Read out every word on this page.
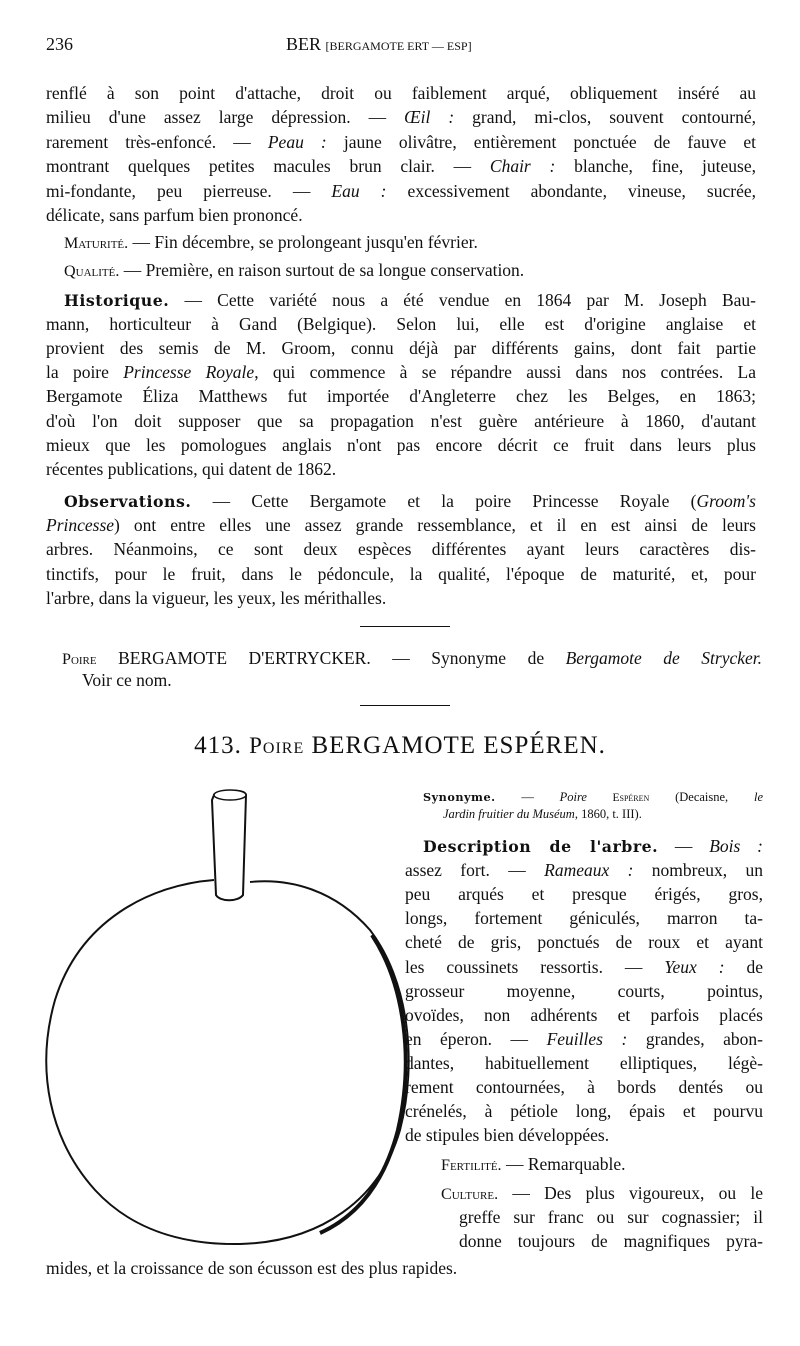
236	BER [BERGAMOTE ERT — ESP]
413. Poire BERGAMOTE ESPÉREN.
renflé à son point d'attache, droit ou faiblement arqué, obliquement inséré au
milieu d'une assez large dépression. — Œil : grand, mi-clos, souvent contourné,
rarement très-enfoncé. — Peau : jaune olivâtre, entièrement ponctuée de fauve et
montrant quelques petites macules brun clair. — Chair : blanche, fine, juteuse,
mi-fondante, peu pierreuse. — Eau : excessivement abondante, vineuse, sucrée,
délicate, sans parfum bien prononcé.
Maturité. — Fin décembre, se prolongeant jusqu'en février.
Qualité. — Première, en raison surtout de sa longue conservation.
Historique. — Cette variété nous a été vendue en 1864 par M. Joseph Bau-
mann, horticulteur à Gand (Belgique). Selon lui, elle est d'origine anglaise et
provient des semis de M. Groom, connu déjà par différents gains, dont fait partie
la poire Princesse Royale, qui commence à se répandre aussi dans nos contrées. La
Bergamote Éliza Matthews fut importée d'Angleterre chez les Belges, en 1863;
d'où l'on doit supposer que sa propagation n'est guère antérieure à 1860, d'autant
mieux que les pomologues anglais n'ont pas encore décrit ce fruit dans leurs plus
récentes publications, qui datent de 1862.
Observations. — Cette Bergamote et la poire Princesse Royale (Groom's
Princesse) ont entre elles une assez grande ressemblance, et il en est ainsi de leurs
arbres. Néanmoins, ce sont deux espèces différentes ayant leurs caractères dis-
tinctifs, pour le fruit, dans le pédoncule, la qualité, l'époque de maturité, et, pour
l'arbre, dans la vigueur, les yeux, les mérithalles.
Poire BERGAMOTE D'ERTRYCKER. — Synonyme de Bergamote de Strycker.
Voir ce nom.
Synonyme. — Poire Espéren (Decaisne, le
Jardin fruitier du Muséum, 1860, t. III).
Description de l'arbre. — Bois :
assez fort. — Rameaux : nombreux, un
peu arqués et presque érigés, gros,
longs, fortement géniculés, marron ta-
cheté de gris, ponctués de roux et ayant
les coussinets ressortis. — Yeux : de
grosseur moyenne, courts, pointus,
ovoïdes, non adhérents et parfois placés
en éperon. — Feuilles : grandes, abon-
dantes, habituellement elliptiques, légè-
rement contournées, à bords dentés ou
crénelés, à pétiole long, épais et pourvu
de stipules bien développées.
Fertilité. — Remarquable.
Culture. — Des plus vigoureux, ou le
greffe sur franc ou sur cognassier; il
donne toujours de magnifiques pyra-
mides, et la croissance de son écusson est des plus rapides.
